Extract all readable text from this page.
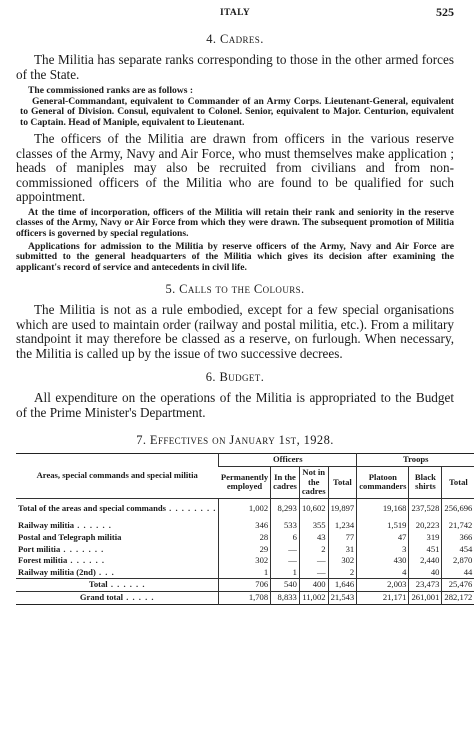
ITALY	525
4. Cadres.

The Militia has separate ranks corresponding to those in the other armed forces of the State.

The commissioned ranks are as follows :

General-Commandant, equivalent to Commander of an Army Corps. Lieutenant-General, equivalent to General of Division. Consul, equivalent to Colonel. Senior, equivalent to Major. Centurion, equivalent to Captain. Head of Maniple, equivalent to Lieutenant.

The officers of the Militia are drawn from officers in the various reserve classes of the Army, Navy and Air Force, who must themselves make application ; heads of maniples may also be recruited from civilians and from non-commissioned officers of the Militia who are found to be qualified for such appointment.

At the time of incorporation, officers of the Militia will retain their rank and seniority in the reserve classes of the Army, Navy or Air Force from which they were drawn. The subsequent promotion of Militia officers is governed by special regulations.

Applications for admission to the Militia by reserve officers of the Army, Navy and Air Force are submitted to the general headquarters of the Militia which gives its decision after examining the applicant's record of service and antecedents in civil life.

5. Calls to the Colours.

The Militia is not as a rule embodied, except for a few special organisations which are used to maintain order (railway and postal militia, etc.). From a military standpoint it may therefore be classed as a reserve, on furlough. When necessary, the Militia is called up by the issue of two successive decrees.

6. Budget.

All expenditure on the operations of the Militia is appropriated to the Budget of the Prime Minister's Department.

7. Effectives on January 1st, 1928.
Areas, special commands and special militia	Officers				Troops		
	Permanently employed	In the cadres	Not in the cadres	Total	Platoon commanders	Black shirts	Total
Total of the areas and special commands . . . . . . . .	1,002	8,293	10,602	19,897	19,168	237,528	256,696
Railway militia . . . . . .	346	533	355	1,234	1,519	20,223	21,742
Postal and Telegraph militia	28	6	43	77	47	319	366
Port militia . . . . . . .	29	—	2	31	3	451	454
Forest militia . . . . . .	302	—	—	302	430	2,440	2,870
Railway militia (2nd) . . .	1	1	—	2	4	40	44
Total . . . . . .	706	540	400	1,646	2,003	23,473	25,476
Grand total . . . . .	1,708	8,833	11,002	21,543	21,171	261,001	282,172
